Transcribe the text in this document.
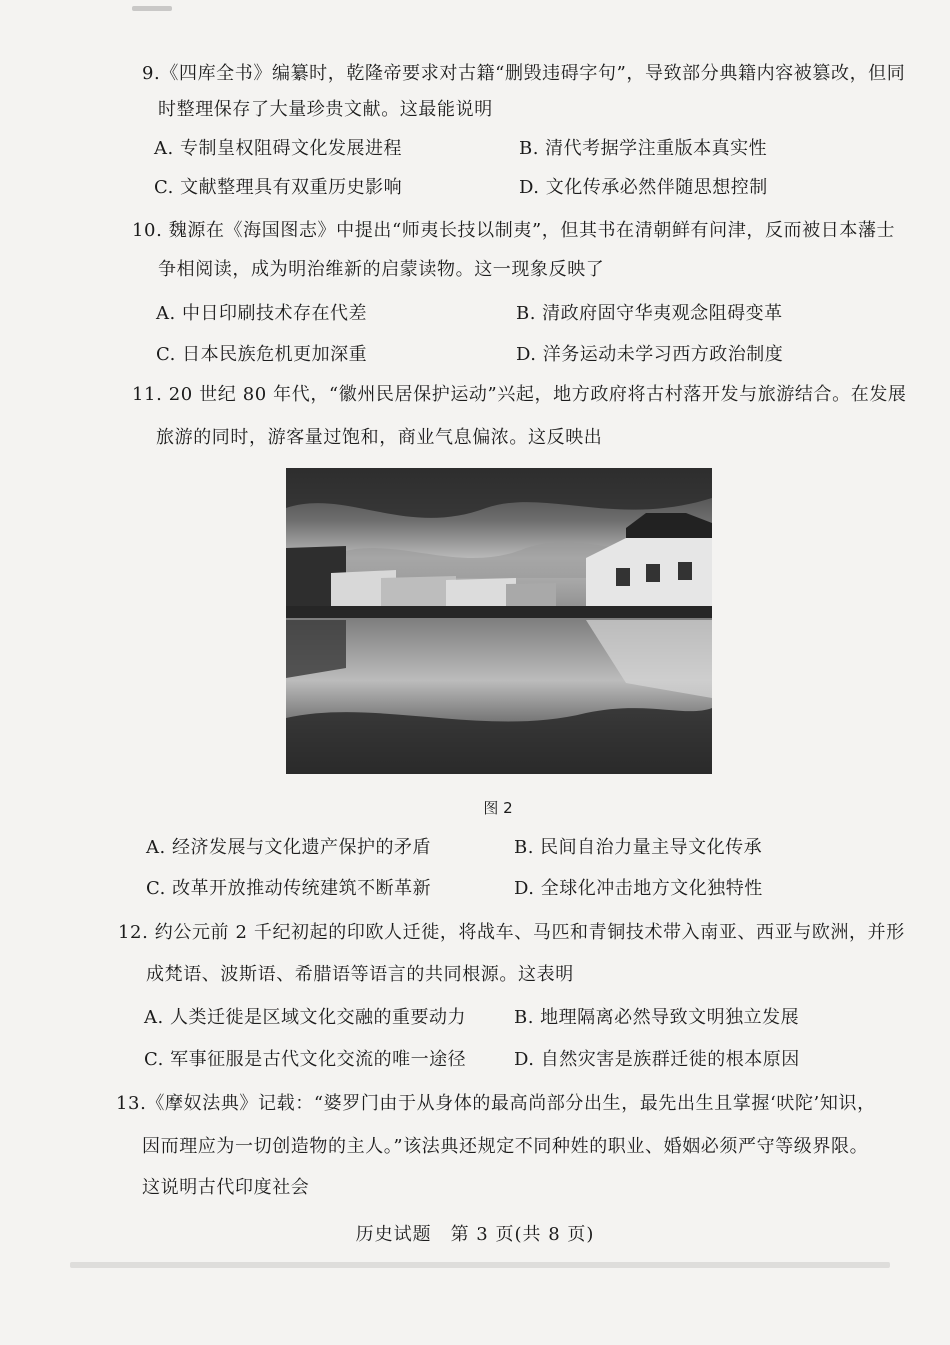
9.《四库全书》编纂时，乾隆帝要求对古籍“删毁违碍字句”，导致部分典籍内容被篡改，但同
时整理保存了大量珍贵文献。这最能说明
A. 专制皇权阻碍文化发展进程	B. 清代考据学注重版本真实性
C. 文献整理具有双重历史影响	D. 文化传承必然伴随思想控制
10. 魏源在《海国图志》中提出“师夷长技以制夷”，但其书在清朝鲜有问津，反而被日本藩士
争相阅读，成为明治维新的启蒙读物。这一现象反映了
A. 中日印刷技术存在代差	B. 清政府固守华夷观念阻碍变革
C. 日本民族危机更加深重	D. 洋务运动未学习西方政治制度
11. 20 世纪 80 年代，“徽州民居保护运动”兴起，地方政府将古村落开发与旅游结合。在发展
旅游的同时，游客量过饱和，商业气息偏浓。这反映出
图 2
A. 经济发展与文化遗产保护的矛盾	B. 民间自治力量主导文化传承
C. 改革开放推动传统建筑不断革新	D. 全球化冲击地方文化独特性
12. 约公元前 2 千纪初起的印欧人迁徙，将战车、马匹和青铜技术带入南亚、西亚与欧洲，并形
成梵语、波斯语、希腊语等语言的共同根源。这表明
A. 人类迁徙是区域文化交融的重要动力	B. 地理隔离必然导致文明独立发展
C. 军事征服是古代文化交流的唯一途径	D. 自然灾害是族群迁徙的根本原因
13.《摩奴法典》记载：“婆罗门由于从身体的最高尚部分出生，最先出生且掌握‘吠陀’知识，
因而理应为一切创造物的主人。”该法典还规定不同种姓的职业、婚姻必须严守等级界限。
这说明古代印度社会
历史试题　第 3 页(共 8 页)
